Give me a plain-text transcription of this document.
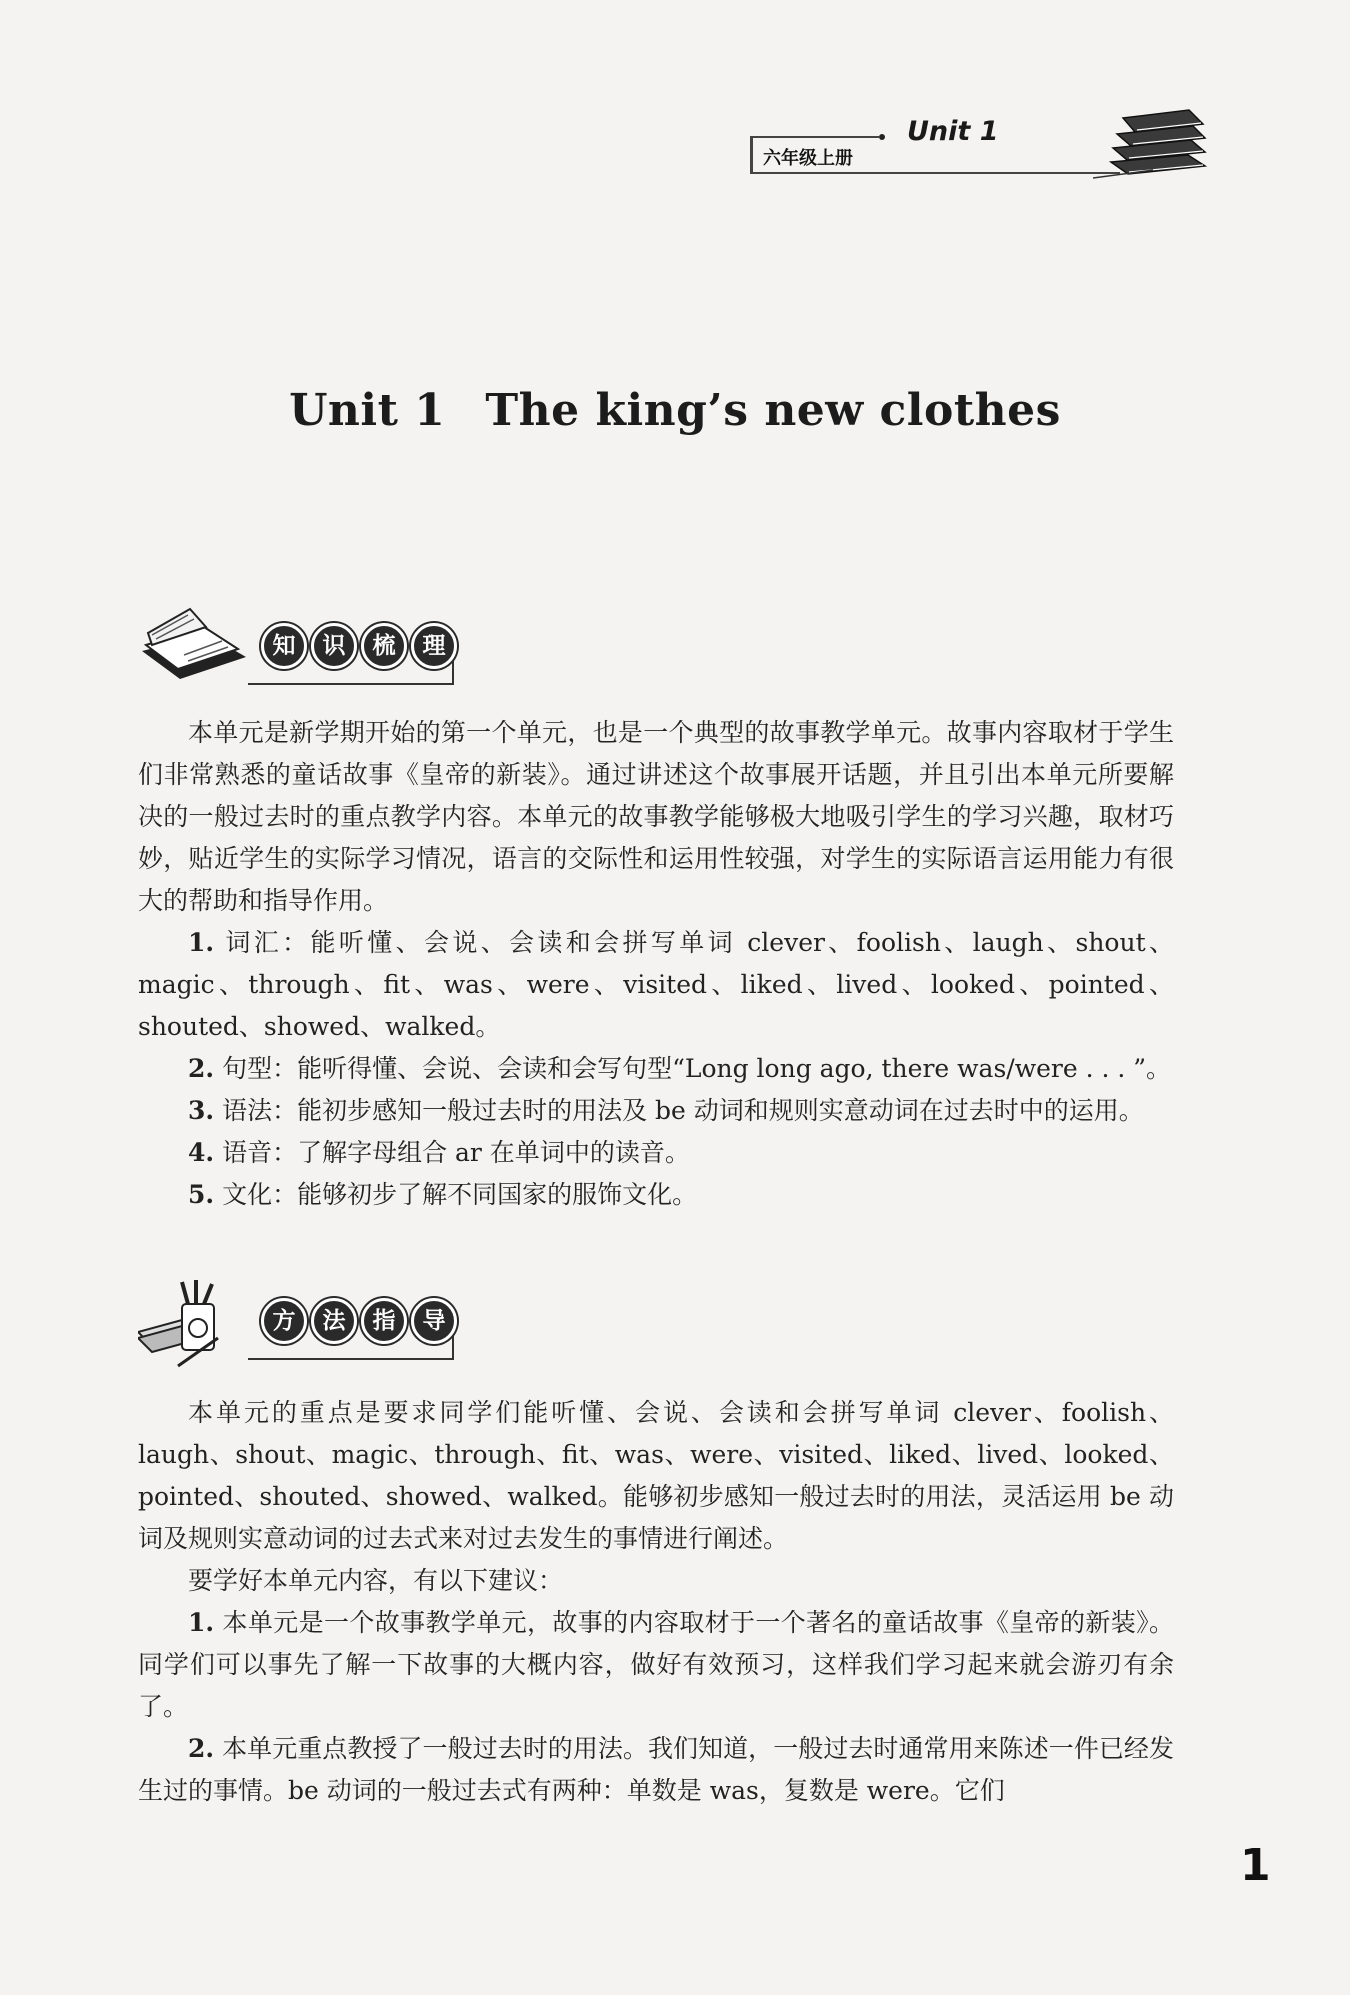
Unit 1
六年级上册
Unit 1 The king’s new clothes
知	识	梳	理

本单元是新学期开始的第一个单元，也是一个典型的故事教学单元。故事内容取材于学生们非常熟悉的童话故事《皇帝的新装》。通过讲述这个故事展开话题，并且引出本单元所要解决的一般过去时的重点教学内容。本单元的故事教学能够极大地吸引学生的学习兴趣，取材巧妙，贴近学生的实际学习情况，语言的交际性和运用性较强，对学生的实际语言运用能力有很大的帮助和指导作用。

1. 词汇：能听懂、会说、会读和会拼写单词 clever、foolish、laugh、shout、magic、through、fit、was、were、visited、liked、lived、looked、pointed、shouted、showed、walked。

2. 句型：能听得懂、会说、会读和会写句型“Long long ago, there was/were . . . ”。

3. 语法：能初步感知一般过去时的用法及 be 动词和规则实意动词在过去时中的运用。

4. 语音：了解字母组合 ar 在单词中的读音。

5. 文化：能够初步了解不同国家的服饰文化。

方	法	指	导

本单元的重点是要求同学们能听懂、会说、会读和会拼写单词 clever、foolish、laugh、shout、magic、through、fit、was、were、visited、liked、lived、looked、pointed、shouted、showed、walked。能够初步感知一般过去时的用法，灵活运用 be 动词及规则实意动词的过去式来对过去发生的事情进行阐述。

要学好本单元内容，有以下建议：

1. 本单元是一个故事教学单元，故事的内容取材于一个著名的童话故事《皇帝的新装》。同学们可以事先了解一下故事的大概内容，做好有效预习，这样我们学习起来就会游刃有余了。

2. 本单元重点教授了一般过去时的用法。我们知道，一般过去时通常用来陈述一件已经发生过的事情。be 动词的一般过去式有两种：单数是 was，复数是 were。它们

1
